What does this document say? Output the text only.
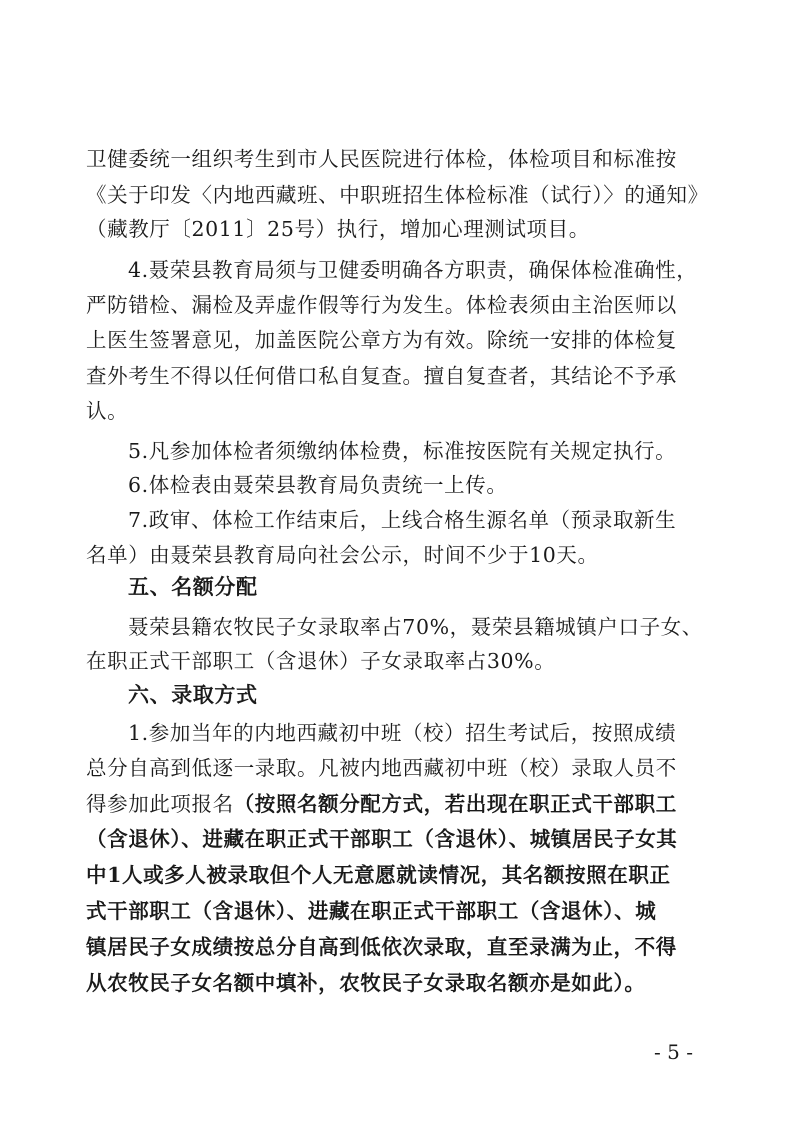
卫健委统一组织考生到市人民医院进行体检，体检项目和标准按
《关于印发〈内地西藏班、中职班招生体检标准（试行）〉的通知》
（藏教厅〔2011〕25号）执行，增加心理测试项目。
4.聂荣县教育局须与卫健委明确各方职责，确保体检准确性，
严防错检、漏检及弄虚作假等行为发生。体检表须由主治医师以
上医生签署意见，加盖医院公章方为有效。除统一安排的体检复
查外考生不得以任何借口私自复查。擅自复查者，其结论不予承
认。
5.凡参加体检者须缴纳体检费，标准按医院有关规定执行。
6.体检表由聂荣县教育局负责统一上传。
7.政审、体检工作结束后，上线合格生源名单（预录取新生
名单）由聂荣县教育局向社会公示，时间不少于10天。
五、名额分配
聂荣县籍农牧民子女录取率占70%，聂荣县籍城镇户口子女、
在职正式干部职工（含退休）子女录取率占30%。
六、录取方式
1.参加当年的内地西藏初中班（校）招生考试后，按照成绩
总分自高到低逐一录取。凡被内地西藏初中班（校）录取人员不
得参加此项报名（按照名额分配方式，若出现在职正式干部职工
（含退休）、进藏在职正式干部职工（含退休）、城镇居民子女其
中1人或多人被录取但个人无意愿就读情况，其名额按照在职正
式干部职工（含退休）、进藏在职正式干部职工（含退休）、城
镇居民子女成绩按总分自高到低依次录取，直至录满为止，不得
从农牧民子女名额中填补，农牧民子女录取名额亦是如此）。
- 5 -
